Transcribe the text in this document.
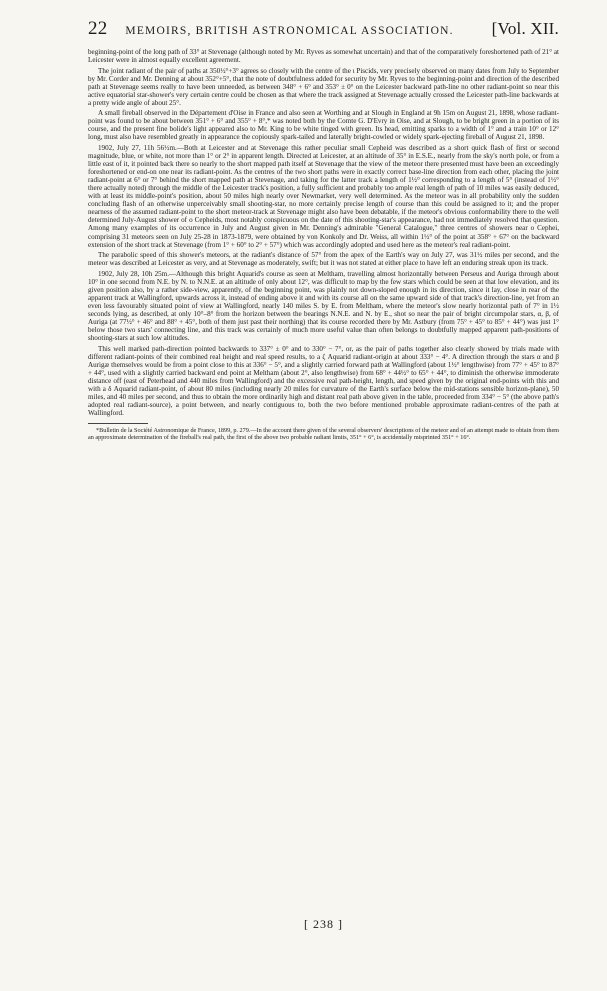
22 MEMOIRS, BRITISH ASTRONOMICAL ASSOCIATION.	[Vol. XII.

beginning-point of the long path of 33° at Stevenage (although noted by Mr. Ryves as somewhat uncertain) and that of the comparatively foreshortened path of 21° at Leicester were in almost equally excellent agreement.

The joint radiant of the pair of paths at 350½°+3° agrees so closely with the centre of the ι Piscids, very precisely observed on many dates from July to September by Mr. Corder and Mr. Denning at about 352°+5°, that the note of doubtfulness added for security by Mr. Ryves to the beginning-point and direction of the described path at Stevenage seems really to have been unneeded, as between 348° + 6° and 353° ± 0° on the Leicester backward path-line no other radiant-point so near this active equatorial star-shower's very certain centre could be chosen as that where the track assigned at Stevenage actually crossed the Leicester path-line backwards at a pretty wide angle of about 25°.

A small fireball observed in the Département d'Oise in France and also seen at Worthing and at Slough in England at 9h 15m on August 21, 1898, whose radiant-point was found to be about between 351° + 6° and 355° + 8°,* was noted both by the Comte G. D'Evry in Oise, and at Slough, to be bright green in a portion of its course, and the present fine bolide's light appeared also to Mr. King to be white tinged with green. Its head, emitting sparks to a width of 1° and a train 10° or 12° long, must also have resembled greatly in appearance the copiously spark-tailed and laterally bright-cowled or widely spark-ejecting fireball of August 21, 1898.

1902, July 27, 11h 56½m.—Both at Leicester and at Stevenage this rather peculiar small Cepheid was described as a short quick flash of first or second magnitude, blue, or white, not more than 1° or 2° in apparent length. Directed at Leicester, at an altitude of 35° in E.S.E., nearly from the sky's north pole, or from a little east of it, it pointed back there so nearly to the short mapped path itself at Stevenage that the view of the meteor there presented must have been an exceedingly foreshortened or end-on one near its radiant-point. As the centres of the two short paths were in exactly correct base-line direction from each other, placing the joint radiant-point at 6° or 7° behind the short mapped path at Stevenage, and taking for the latter track a length of 1½° corresponding to a length of 5° (instead of 1½° there actually noted) through the middle of the Leicester track's position, a fully sufficient and probably too ample real length of path of 10 miles was easily deduced, with at least its middle-point's position, about 50 miles high nearly over Newmarket, very well determined. As the meteor was in all probability only the sudden concluding flash of an otherwise unperceivably small shooting-star, no more certainly precise length of course than this could be assigned to it; and the proper nearness of the assumed radiant-point to the short meteor-track at Stevenage might also have been debatable, if the meteor's obvious conformability there to the well determined July-August shower of ο Cepheids, most notably conspicuous on the date of this shooting-star's appearance, had not immediately resolved that question. Among many examples of its occurrence in July and August given in Mr. Denning's admirable "General Catalogue," three centres of showers near ο Cephei, comprising 31 meteors seen on July 25-28 in 1873-1879, were obtained by von Konkoly and Dr. Weiss, all within 1½° of the point at 358° + 67° on the backward extension of the short track at Stevenage (from 1° + 60° to 2° + 57°) which was accordingly adopted and used here as the meteor's real radiant-point.

The parabolic speed of this shower's meteors, at the radiant's distance of 57° from the apex of the Earth's way on July 27, was 31½ miles per second, and the meteor was described at Leicester as very, and at Stevenage as moderately, swift; but it was not stated at either place to have left an enduring streak upon its track.

1902, July 28, 10h 25m.—Although this bright Aquarid's course as seen at Meltham, travelling almost horizontally between Perseus and Auriga through about 10° in one second from N.E. by N. to N.N.E. at an altitude of only about 12°, was difficult to map by the few stars which could be seen at that low elevation, and its given position also, by a rather side-view, apparently, of the beginning point, was plainly not down-sloped enough in its direction, since it lay, close in rear of the apparent track at Wallingford, upwards across it, instead of ending above it and with its course all on the same upward side of that track's direction-line, yet from an even less favourably situated point of view at Wallingford, nearly 140 miles S. by E. from Meltham, where the meteor's slow nearly horizontal path of 7° in 1½ seconds lying, as described, at only 10°–8° from the horizon between the bearings N.N.E. and N. by E., shot so near the pair of bright circumpolar stars, α, β, of Auriga (at 77½° + 46° and 88° + 45°, both of them just past their northing) that its course recorded there by Mr. Astbury (from 75° + 45° to 85° + 44°) was just 1° below those two stars' connecting line, and this track was certainly of much more useful value than often belongs to doubtfully mapped apparent path-positions of shooting-stars at such low altitudes.

This well marked path-direction pointed backwards to 337° ± 0° and to 330° − 7°, or, as the pair of paths together also clearly showed by trials made with different radiant-points of their combined real height and real speed results, to a ζ Aquarid radiant-origin at about 333° − 4°. A direction through the stars α and β Aurigæ themselves would be from a point close to this at 336° − 5°, and a slightly carried forward path at Wallingford (about 1½° lengthwise) from 77° + 45° to 87° + 44°, used with a slightly carried backward end point at Meltham (about 2°, also lengthwise) from 68° + 44½° to 65° + 44°, to diminish the otherwise immoderate distance off (east of Peterhead and 440 miles from Wallingford) and the excessive real path-height, length, and speed given by the original end-points with this and with a δ Aquarid radiant-point, of about 80 miles (including nearly 20 miles for curvature of the Earth's surface below the mid-stations sensible horizon-plane), 50 miles, and 40 miles per second, and thus to obtain the more ordinarily high and distant real path above given in the table, proceeded from 334° − 5° (the above path's adopted real radiant-source), a point between, and nearly contiguous to, both the two before mentioned probable approximate radiant-centres of the path at Wallingford.

*Bulletin de la Société Astronomique de France, 1899, p. 279.—In the account there given of the several observers' descriptions of the meteor and of an attempt made to obtain from them an approximate determination of the fireball's real path, the first of the above two probable radiant limits, 351° + 6°, is accidentally misprinted 351° + 16°.

[ 238 ]
